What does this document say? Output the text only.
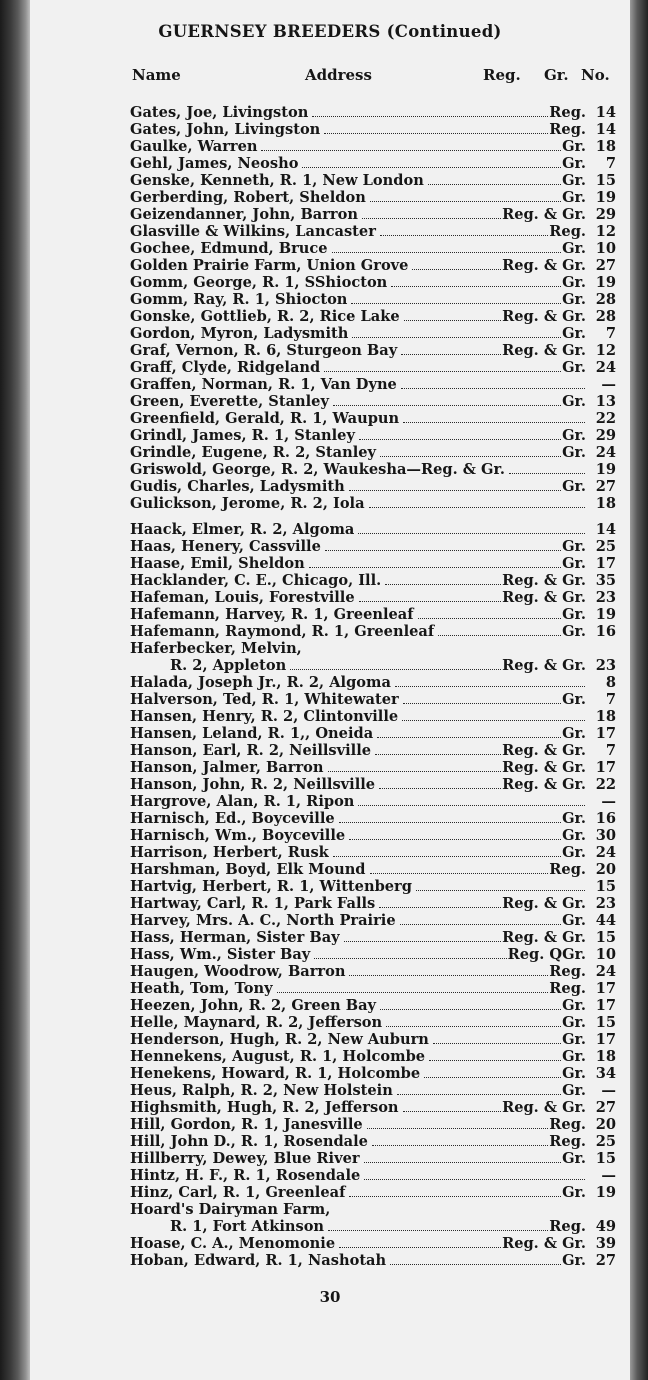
GUERNSEY BREEDERS (Continued)
Name	Address	Reg. Gr. No.
Gates, Joe, Livingston	Reg. 14
Gates, John, Livingston	Reg. 14
Gaulke, Warren	Gr. 18
Gehl, James, Neosho	Gr.	7
Genske, Kenneth, R. 1, New London	Gr. 15
Gerberding, Robert, Sheldon	Gr. 19
Geizendanner, John, Barron	Reg. & Gr. 29
Glasville & Wilkins, Lancaster	Reg. 12
Gochee, Edmund, Bruce	Gr. 10
Golden Prairie Farm, Union Grove	Reg. & Gr. 27
Gomm, George, R. 1, SShiocton	Gr. 19
Gomm, Ray, R. 1, Shiocton	Gr. 28
Gonske, Gottlieb, R. 2, Rice Lake	Reg. & Gr. 28
Gordon, Myron, Ladysmith	Gr.	7
Graf, Vernon, R. 6, Sturgeon Bay	Reg. & Gr. 12
Graff, Clyde, Ridgeland	Gr. 24
Graffen, Norman, R. 1, Van Dyne	—
Green, Everette, Stanley	Gr. 13
Greenfield, Gerald, R. 1, Waupun	22
Grindl, James, R. 1, Stanley	Gr. 29
Grindle, Eugene, R. 2, Stanley	Gr. 24
Griswold, George, R. 2, Waukesha—Reg. & Gr.	19
Gudis, Charles, Ladysmith	Gr. 27
Gulickson, Jerome, R. 2, Iola	18
Haack, Elmer, R. 2, Algoma	14
Haas, Henery, Cassville	Gr. 25
Haase, Emil, Sheldon	Gr. 17
Hacklander, C. E., Chicago, Ill.	Reg. & Gr. 35
Hafeman, Louis, Forestville	Reg. & Gr. 23
Hafemann, Harvey, R. 1, Greenleaf	Gr. 19
Hafemann, Raymond, R. 1, Greenleaf	Gr. 16
Haferbecker, Melvin,
R. 2, Appleton	Reg. & Gr. 23
Halada, Joseph Jr., R. 2, Algoma	8
Halverson, Ted, R. 1, Whitewater	Gr.	7
Hansen, Henry, R. 2, Clintonville	18
Hansen, Leland, R. 1,, Oneida	Gr. 17
Hanson, Earl, R. 2, Neillsville	Reg. & Gr.	7
Hanson, Jalmer, Barron	Reg. & Gr. 17
Hanson, John, R. 2, Neillsville	Reg. & Gr. 22
Hargrove, Alan, R. 1, Ripon	—
Harnisch, Ed., Boyceville	Gr. 16
Harnisch, Wm., Boyceville	Gr. 30
Harrison, Herbert, Rusk	Gr. 24
Harshman, Boyd, Elk Mound	Reg. 20
Hartvig, Herbert, R. 1, Wittenberg	15
Hartway, Carl, R. 1, Park Falls	Reg. & Gr. 23
Harvey, Mrs. A. C., North Prairie	Gr. 44
Hass, Herman, Sister Bay	Reg. & Gr. 15
Hass, Wm., Sister Bay	Reg. QGr. 10
Haugen, Woodrow, Barron	Reg. 24
Heath, Tom, Tony	Reg. 17
Heezen, John, R. 2, Green Bay	Gr. 17
Helle, Maynard, R. 2, Jefferson	Gr. 15
Henderson, Hugh, R. 2, New Auburn	Gr. 17
Hennekens, August, R. 1, Holcombe	Gr. 18
Henekens, Howard, R. 1, Holcombe	Gr. 34
Heus, Ralph, R. 2, New Holstein	Gr.	—
Highsmith, Hugh, R. 2, Jefferson	Reg. & Gr. 27
Hill, Gordon, R. 1, Janesville	Reg. 20
Hill, John D., R. 1, Rosendale	Reg. 25
Hillberry, Dewey, Blue River	Gr. 15
Hintz, H. F., R. 1, Rosendale	—
Hinz, Carl, R. 1, Greenleaf	Gr. 19
Hoard's Dairyman Farm,
R. 1, Fort Atkinson	Reg. 49
Hoase, C. A., Menomonie	Reg. & Gr. 39
Hoban, Edward, R. 1, Nashotah	Gr. 27
30
